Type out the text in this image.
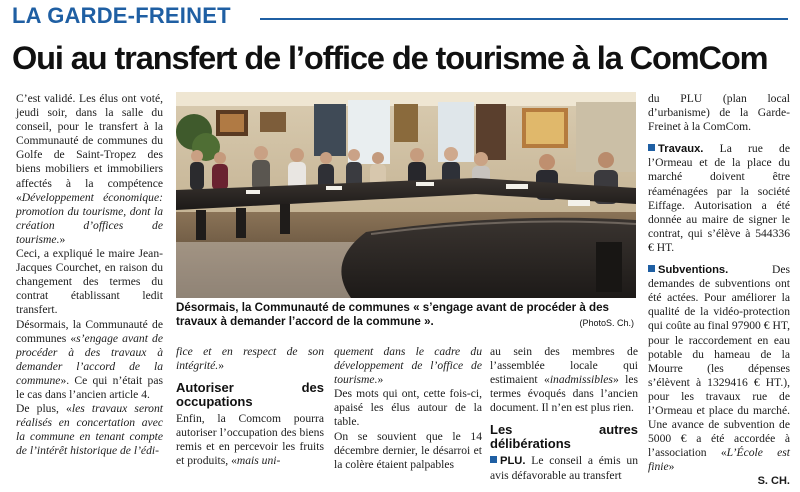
LA GARDE-FREINET
Oui au transfert de l’office de tourisme à la ComCom

C’est validé. Les élus ont voté, jeudi soir, dans la salle du conseil, pour le transfert à la Communauté de communes du Golfe de Saint-Tropez des biens mobiliers et immobiliers affectés à la compétence «Développement économique: promotion du tourisme, dont la création d’offices de tourisme.»

Ceci, a expliqué le maire Jean-Jacques Courchet, en raison du changement des termes du contrat établissant ledit transfert.

Désormais, la Communauté de communes «s’engage avant de procéder à des travaux à demander l’accord de la commune». Ce qui n’était pas le cas dans l’ancien article 4.

De plus, «les travaux seront réalisés en concertation avec la commune en tenant compte de l’intérêt historique de l’édi-

Désormais, la Communauté de communes « s’engage avant de procéder à des travaux à demander l’accord de la commune ».	(PhotoS. Ch.)

fice et en respect de son intégrité.»

Autoriser des occupations

Enfin, la Comcom pourra autoriser l’occupation des biens remis et en percevoir les fruits et produits, «mais uni-

quement dans le cadre du développement de l’office de tourisme.»

Des mots qui ont, cette fois-ci, apaisé les élus autour de la table.

On se souvient que le 14 décembre dernier, le désarroi et la colère étaient palpables

au sein des membres de l’assemblée locale qui estimaient «inadmissibles» les termes évoqués dans l’ancien document. Il n’en est plus rien.

Les autres délibérations

PLU. Le conseil a émis un avis défavorable au transfert

du PLU (plan local d’urbanisme) de la Garde-Freinet à la ComCom.

Travaux. La rue de l’Ormeau et de la place du marché doivent être réaménagées par la société Eiffage. Autorisation a été donnée au maire de signer le contrat, qui s’élève à 544336 € HT.

Subventions.	Des demandes de subventions ont été actées. Pour améliorer la qualité de la vidéo-protection qui coûte au final 97900 € HT, pour le raccordement en eau potable du hameau de la Mourre (les dépenses s’élèvent à 1329416 € HT.), pour les travaux rue de l’Ormeau et place du marché. Une avance de subvention de 5000 € a été accordée à l’association «L’École est finie»

S. CH.
